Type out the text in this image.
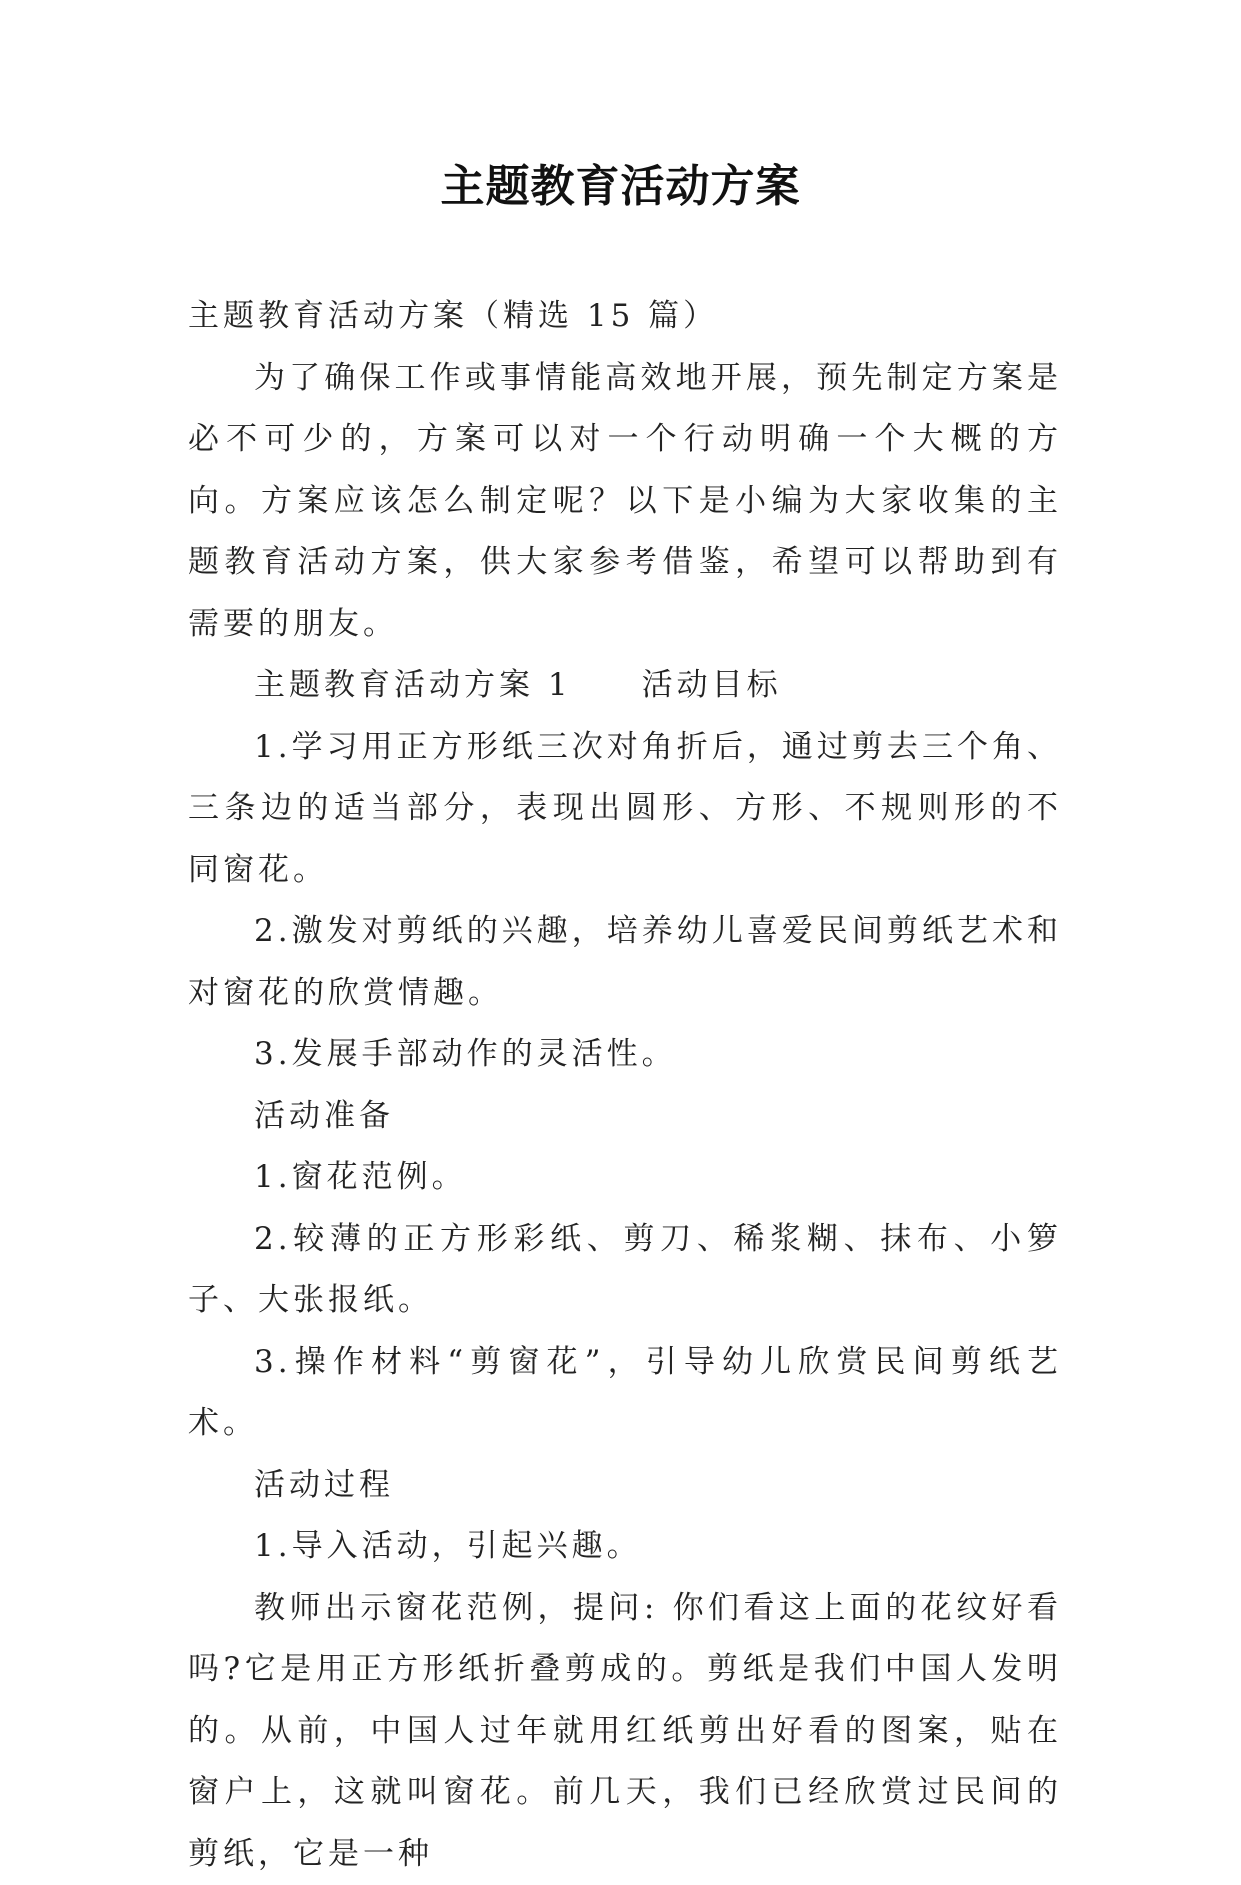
主题教育活动方案

主题教育活动方案（精选 15 篇）

为了确保工作或事情能高效地开展，预先制定方案是必不可少的，方案可以对一个行动明确一个大概的方向。方案应该怎么制定呢？以下是小编为大家收集的主题教育活动方案，供大家参考借鉴，希望可以帮助到有需要的朋友。

主题教育活动方案 1 活动目标

1.学习用正方形纸三次对角折后，通过剪去三个角、三条边的适当部分，表现出圆形、方形、不规则形的不同窗花。

2.激发对剪纸的兴趣，培养幼儿喜爱民间剪纸艺术和对窗花的欣赏情趣。

3.发展手部动作的灵活性。

活动准备

1.窗花范例。

2.较薄的正方形彩纸、剪刀、稀浆糊、抹布、小箩子、大张报纸。

3.操作材料“剪窗花”，引导幼儿欣赏民间剪纸艺术。

活动过程

1.导入活动，引起兴趣。

教师出示窗花范例，提问: 你们看这上面的花纹好看吗?它是用正方形纸折叠剪成的。剪纸是我们中国人发明的。从前，中国人过年就用红纸剪出好看的图案，贴在窗户上，这就叫窗花。前几天，我们已经欣赏过民间的剪纸，它是一种
